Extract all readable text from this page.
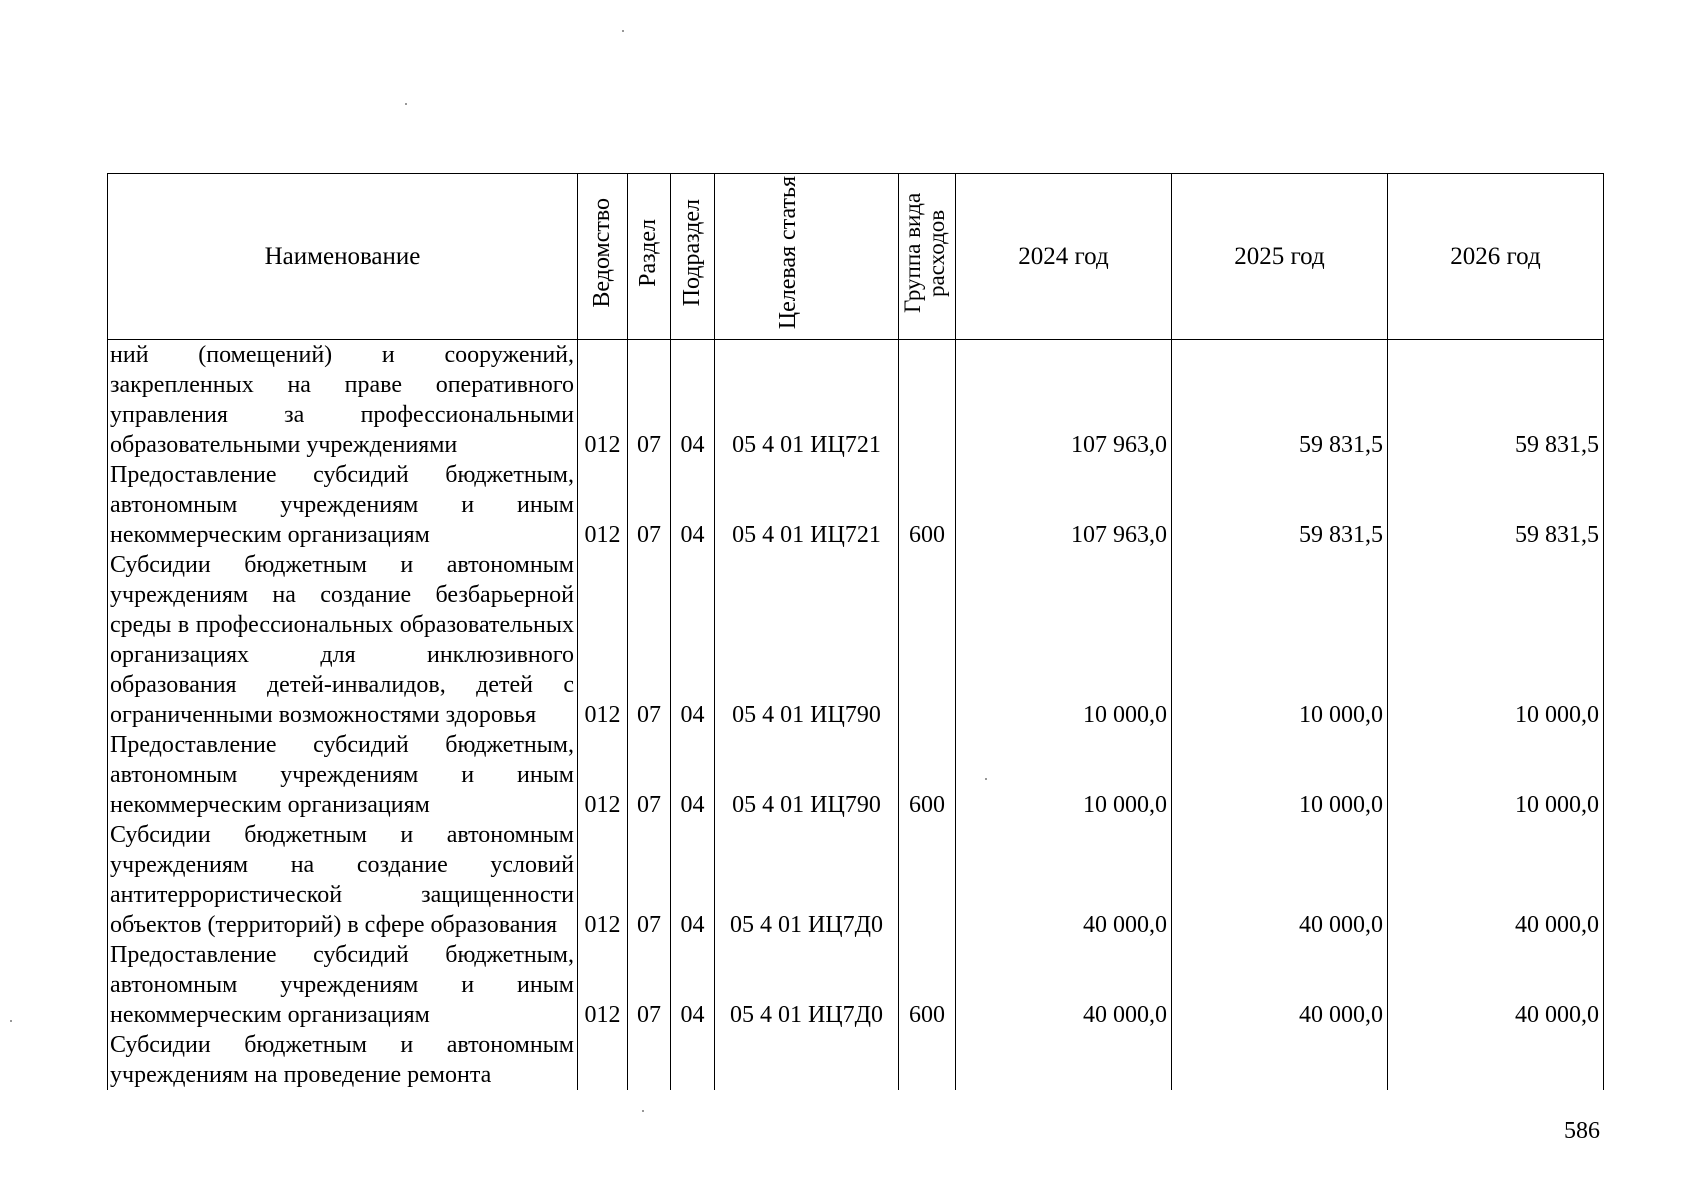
Наименование	Ведомство	Раздел	Подраздел	Целевая статья	Группа вида расходов	2024 год	2025 год	2026 год
ний (помещений) и сооружений, закрепленных на праве оперативного управления за профессиональными образовательными учреждениями	012	07	04	05 4 01 ИЦ721		107 963,0	59 831,5	59 831,5
Предоставление субсидий бюджетным, автономным учреждениям и иным некоммерческим организациям	012	07	04	05 4 01 ИЦ721	600	107 963,0	59 831,5	59 831,5
Субсидии бюджетным и автономным учреждениям на создание безбарьерной среды в профессиональных образовательных организациях для инклюзивного образования детей-инвалидов, детей с ограниченными возможностями здоровья	012	07	04	05 4 01 ИЦ790		10 000,0	10 000,0	10 000,0
Предоставление субсидий бюджетным, автономным учреждениям и иным некоммерческим организациям	012	07	04	05 4 01 ИЦ790	600	10 000,0	10 000,0	10 000,0
Субсидии бюджетным и автономным учреждениям на создание условий антитеррористической защищенности объектов (территорий) в сфере образования	012	07	04	05 4 01 ИЦ7Д0		40 000,0	40 000,0	40 000,0
Предоставление субсидий бюджетным, автономным учреждениям и иным некоммерческим организациям	012	07	04	05 4 01 ИЦ7Д0	600	40 000,0	40 000,0	40 000,0
Субсидии бюджетным и автономным учреждениям на проведение ремонта								
586
